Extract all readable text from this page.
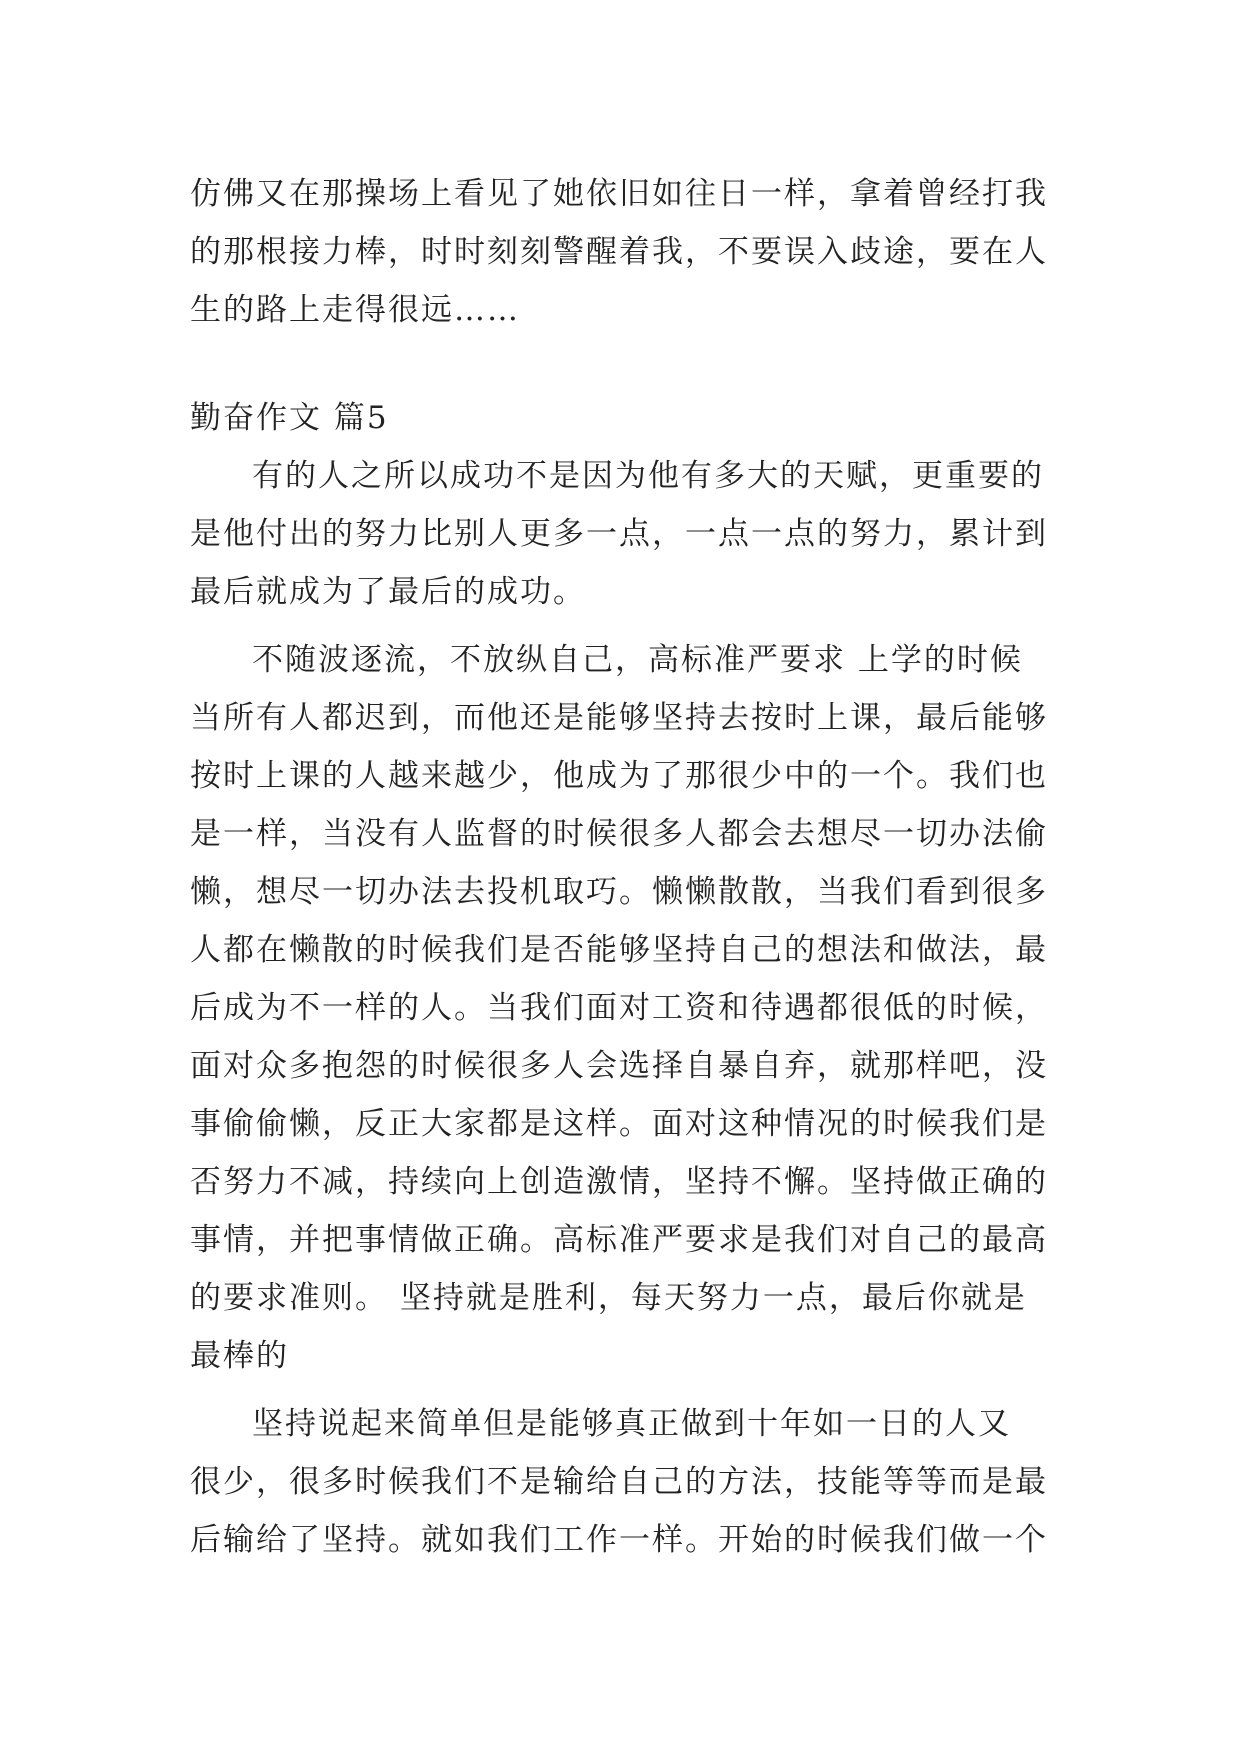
仿佛又在那操场上看见了她依旧如往日一样，拿着曾经打我
的那根接力棒，时时刻刻警醒着我，不要误入歧途，要在人
生的路上走得很远……
勤奋作文 篇5
有的人之所以成功不是因为他有多大的天赋，更重要的
是他付出的努力比别人更多一点，一点一点的努力，累计到
最后就成为了最后的成功。
不随波逐流，不放纵自己，高标准严要求 上学的时候
当所有人都迟到，而他还是能够坚持去按时上课，最后能够
按时上课的人越来越少，他成为了那很少中的一个。我们也
是一样，当没有人监督的时候很多人都会去想尽一切办法偷
懒，想尽一切办法去投机取巧。懒懒散散，当我们看到很多
人都在懒散的时候我们是否能够坚持自己的想法和做法，最
后成为不一样的人。当我们面对工资和待遇都很低的时候，
面对众多抱怨的时候很多人会选择自暴自弃，就那样吧，没
事偷偷懒，反正大家都是这样。面对这种情况的时候我们是
否努力不减，持续向上创造激情，坚持不懈。坚持做正确的
事情，并把事情做正确。高标准严要求是我们对自己的最高
的要求准则。 坚持就是胜利，每天努力一点，最后你就是
最棒的
坚持说起来简单但是能够真正做到十年如一日的人又
很少，很多时候我们不是输给自己的方法，技能等等而是最
后输给了坚持。就如我们工作一样。开始的时候我们做一个
